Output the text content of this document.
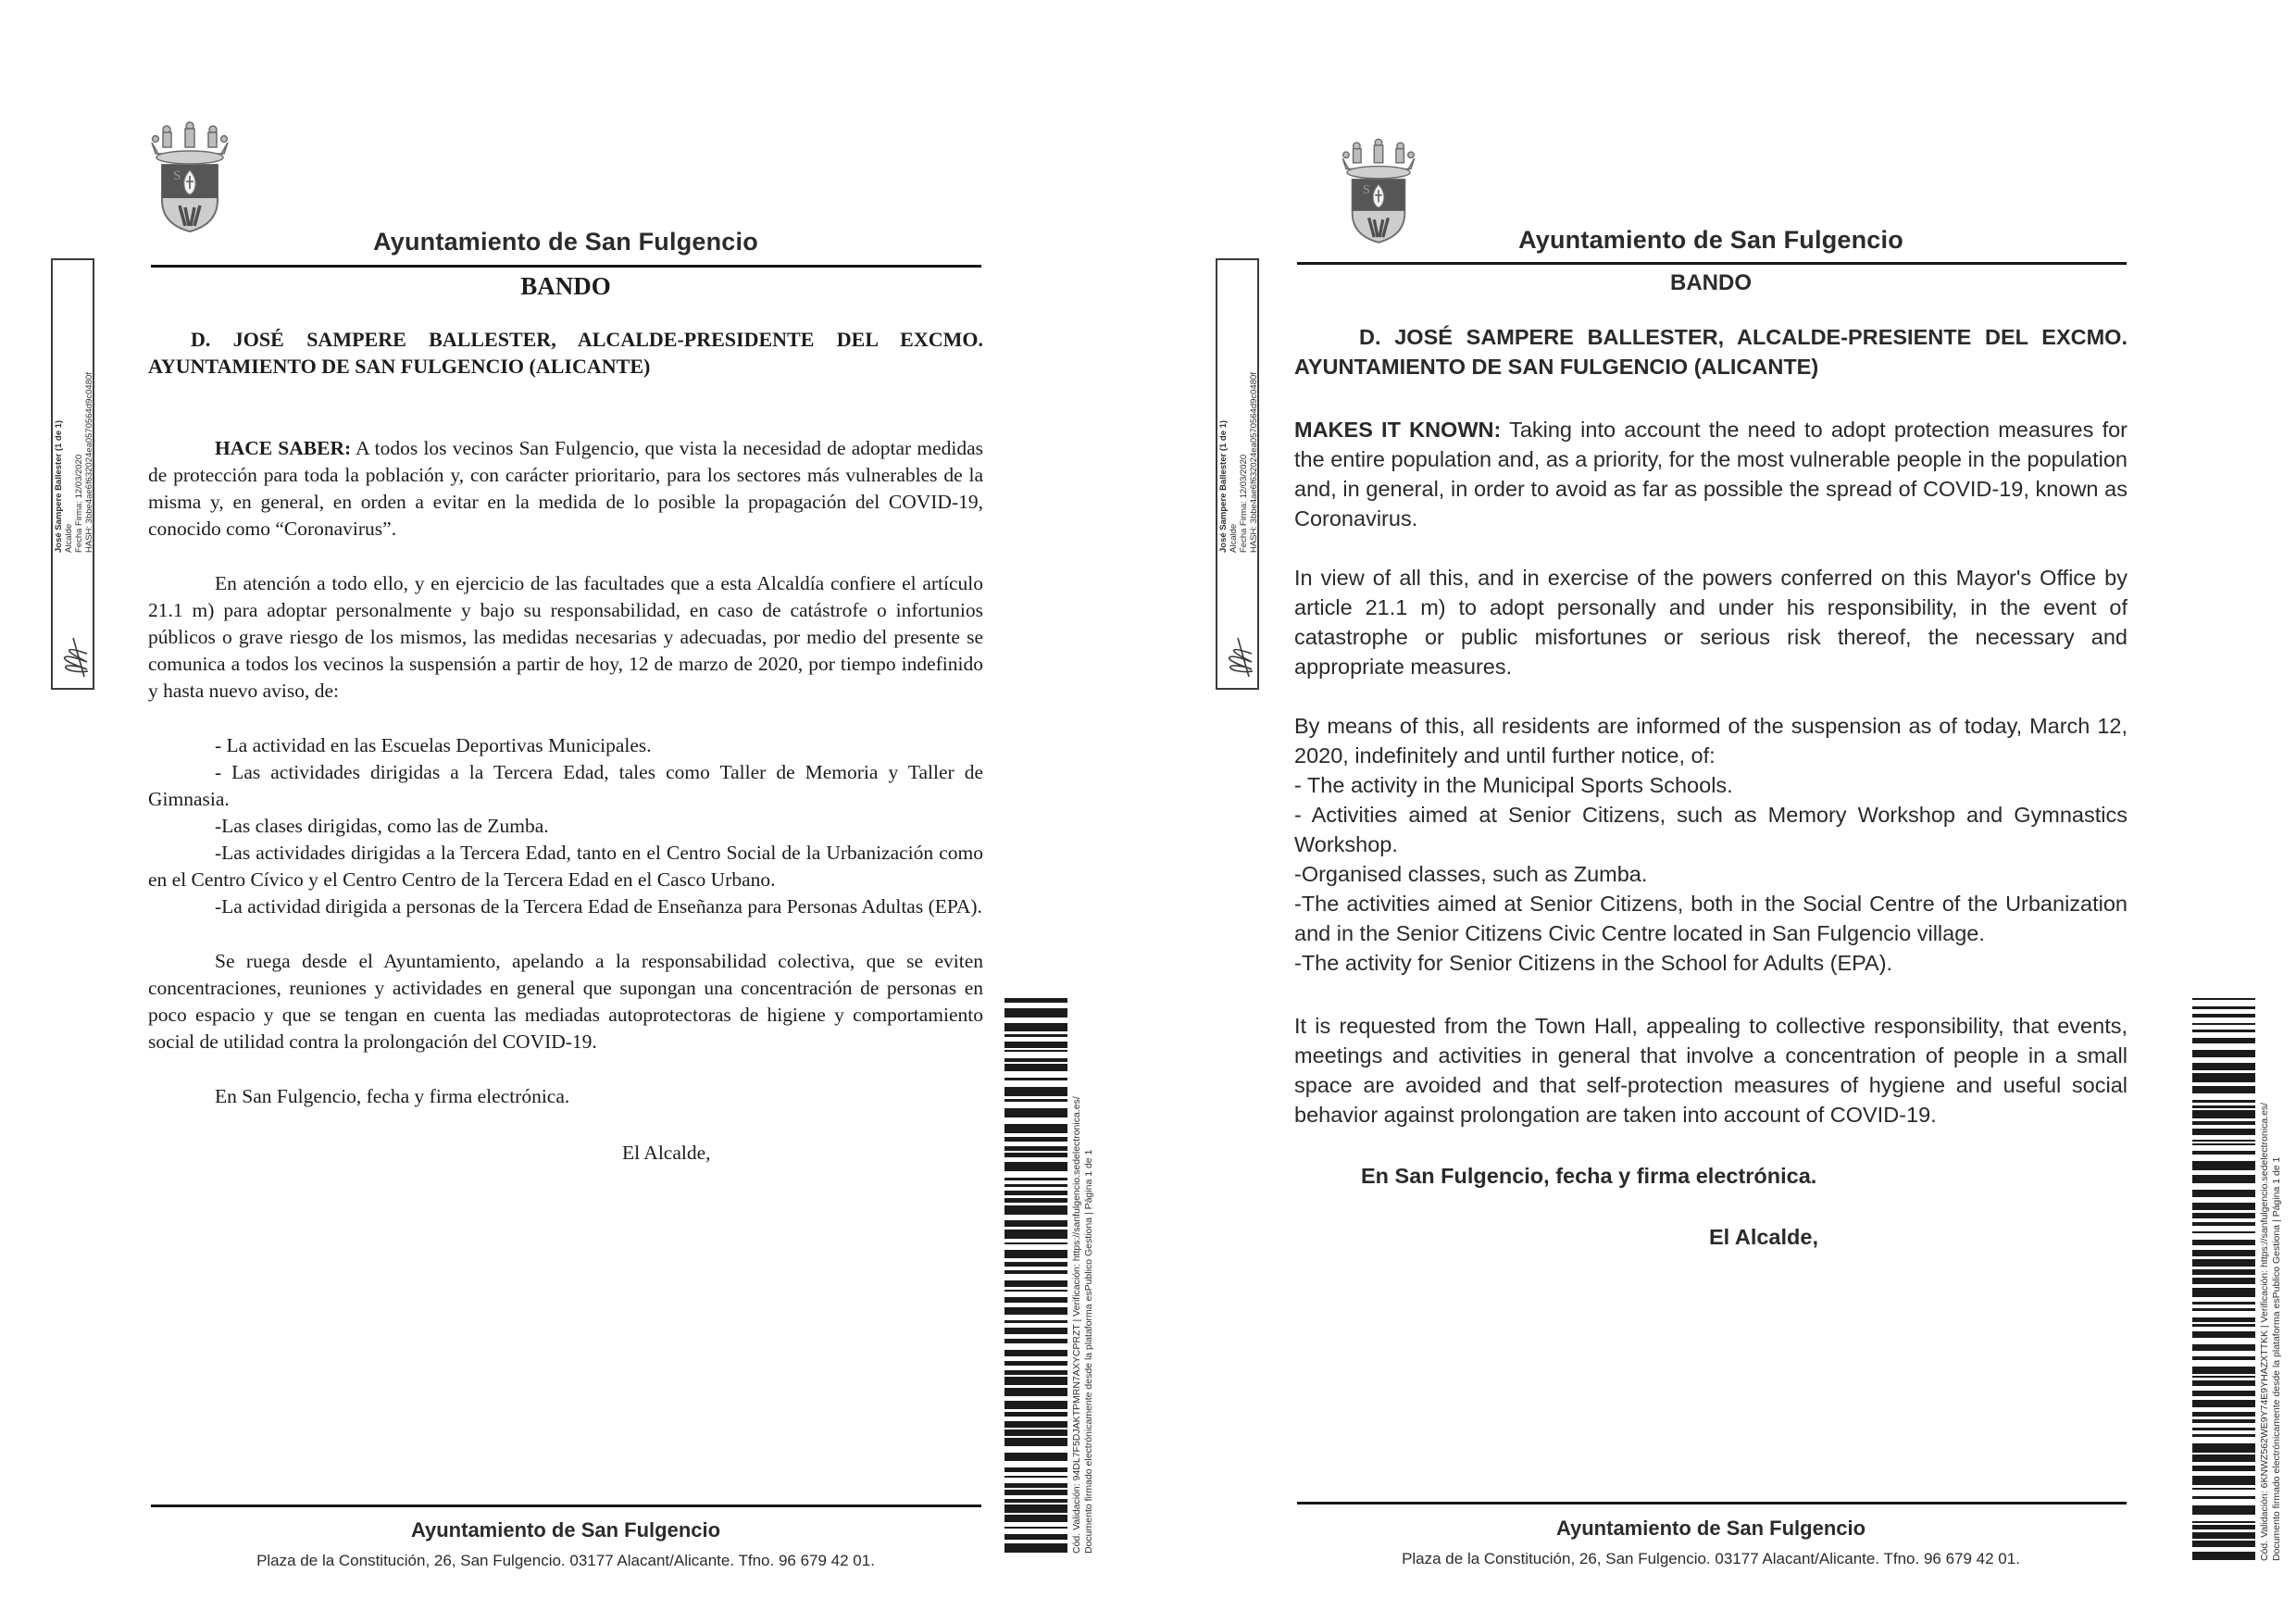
José Sampere Ballester (1 de 1) Alcalde Fecha Firma: 12/03/2020 HASH: 3bbe4ae6f632024ea0570564d9c0480f
S
Ayuntamiento de San Fulgencio
BANDO

D. JOSÉ SAMPERE BALLESTER, ALCALDE-PRESIDENTE DEL EXCMO. AYUNTAMIENTO DE SAN FULGENCIO (ALICANTE)

HACE SABER: A todos los vecinos San Fulgencio, que vista la necesidad de adoptar medidas de protección para toda la población y, con carácter prioritario, para los sectores más vulnerables de la misma y, en general, en orden a evitar en la medida de lo posible la propagación del COVID-19, conocido como “Coronavirus”.

En atención a todo ello, y en ejercicio de las facultades que a esta Alcaldía confiere el artículo 21.1 m) para adoptar personalmente y bajo su responsabilidad, en caso de catástrofe o infortunios públicos o grave riesgo de los mismos, las medidas necesarias y adecuadas, por medio del presente se comunica a todos los vecinos la suspensión a partir de hoy, 12 de marzo de 2020, por tiempo indefinido y hasta nuevo aviso, de:

- La actividad en las Escuelas Deportivas Municipales.

- Las actividades dirigidas a la Tercera Edad, tales como Taller de Memoria y Taller de Gimnasia.

-Las clases dirigidas, como las de Zumba.

-Las actividades dirigidas a la Tercera Edad, tanto en el Centro Social de la Urbanización como en el Centro Cívico y el Centro Centro de la Tercera Edad en el Casco Urbano.

-La actividad dirigida a personas de la Tercera Edad de Enseñanza para Personas Adultas (EPA).

Se ruega desde el Ayuntamiento, apelando a la responsabilidad colectiva, que se eviten concentraciones, reuniones y actividades en general que supongan una concentración de personas en poco espacio y que se tengan en cuenta las mediadas autoprotectoras de higiene y comportamiento social de utilidad contra la prolongación del COVID-19.

En San Fulgencio, fecha y firma electrónica.

El Alcalde,	Cód. Validación: 94DL7F5DJAKTPMRN7AXYCPRZT | Verificación: https://sanfulgencio.sedelectronica.es/ Documento firmado electrónicamente desde la plataforma esPublico Gestiona | Página 1 de 1
Ayuntamiento de San Fulgencio
Plaza de la Constitución, 26, San Fulgencio. 03177 Alacant/Alicante. Tfno. 96 679 42 01.
José Sampere Ballester (1 de 1) Alcalde Fecha Firma: 12/03/2020 HASH: 3bbe4ae6f632024ea0570564d9c0480f
S
Ayuntamiento de San Fulgencio
BANDO

D. JOSÉ SAMPERE BALLESTER, ALCALDE-PRESIENTE DEL EXCMO. AYUNTAMIENTO DE SAN FULGENCIO (ALICANTE)

MAKES IT KNOWN: Taking into account the need to adopt protection measures for the entire population and, as a priority, for the most vulnerable people in the population and, in general, in order to avoid as far as possible the spread of COVID-19, known as Coronavirus.

In view of all this, and in exercise of the powers conferred on this Mayor's Office by article 21.1 m) to adopt personally and under his responsibility, in the event of catastrophe or public misfortunes or serious risk thereof, the necessary and appropriate measures.

By means of this, all residents are informed of the suspension as of today, March 12, 2020, indefinitely and until further notice, of:

- The activity in the Municipal Sports Schools.

- Activities aimed at Senior Citizens, such as Memory Workshop and Gymnastics Workshop.

-Organised classes, such as Zumba.

-The activities aimed at Senior Citizens, both in the Social Centre of the Urbanization and in the Senior Citizens Civic Centre located in San Fulgencio village.

-The activity for Senior Citizens in the School for Adults (EPA).

It is requested from the Town Hall, appealing to collective responsibility, that events, meetings and activities in general that involve a concentration of people in a small space are avoided and that self-protection measures of hygiene and useful social behavior against prolongation are taken into account of COVID-19.

En San Fulgencio, fecha y firma electrónica.

El Alcalde,	Cód. Validación: 6KNWZ562WE9Y74E9YHAZXTTKK | Verificación: https://sanfulgencio.sedelectronica.es/ Documento firmado electrónicamente desde la plataforma esPublico Gestiona | Página 1 de 1
Ayuntamiento de San Fulgencio
Plaza de la Constitución, 26, San Fulgencio. 03177 Alacant/Alicante. Tfno. 96 679 42 01.
